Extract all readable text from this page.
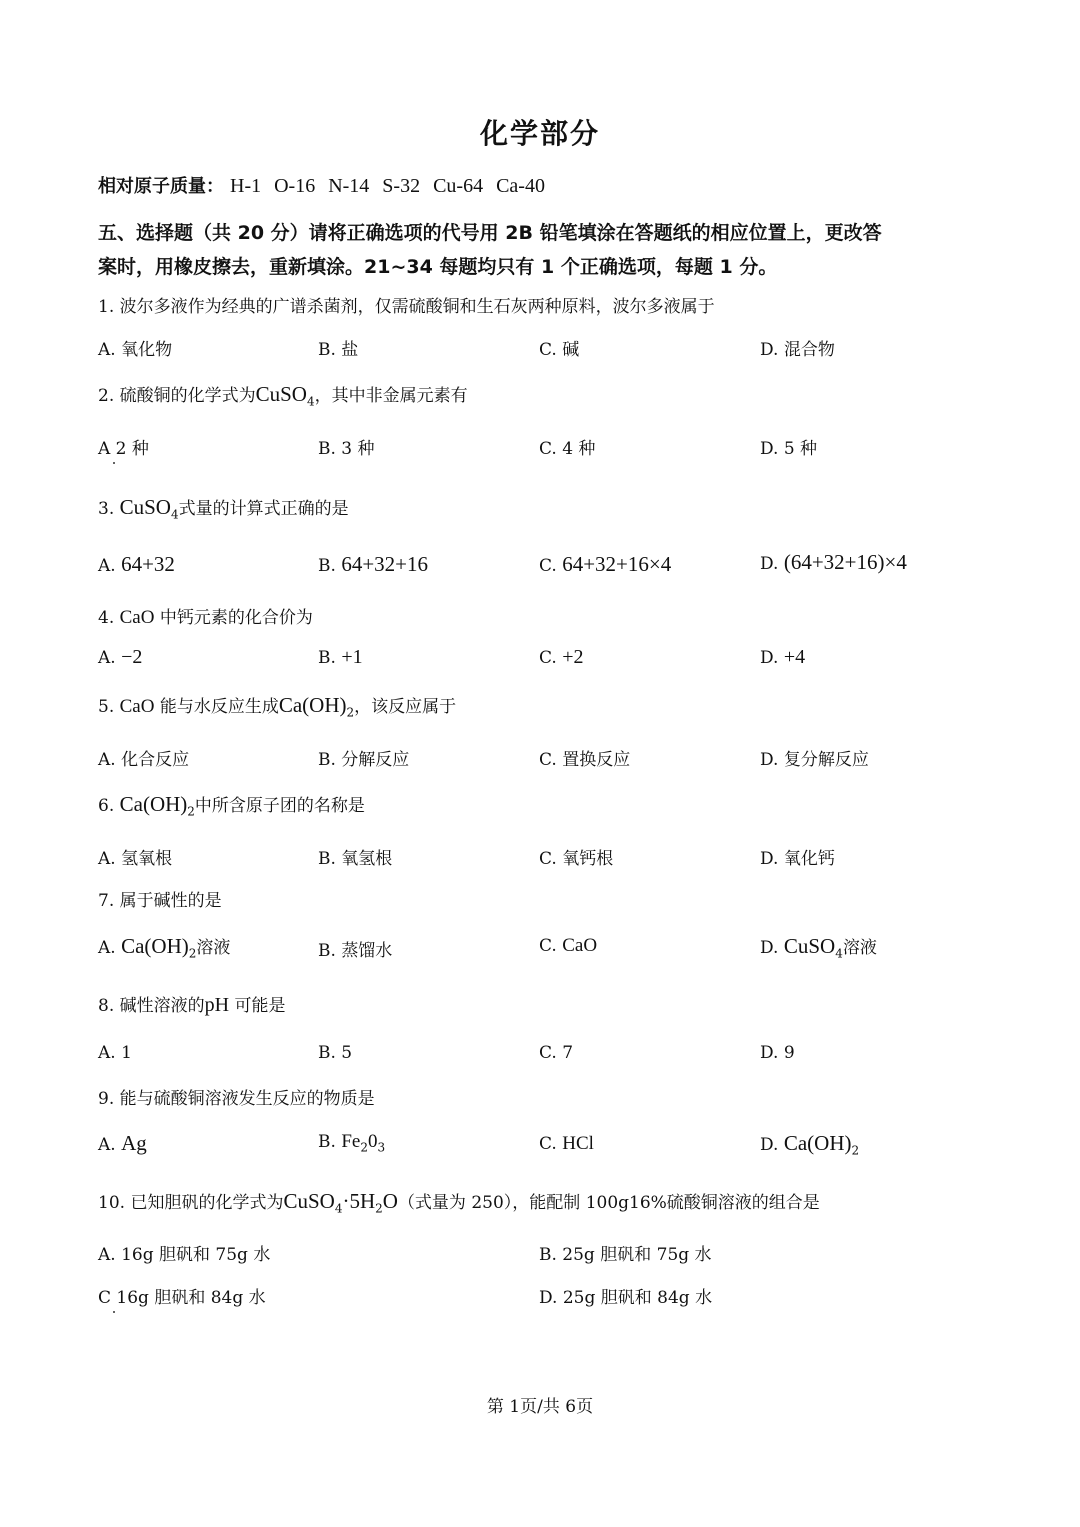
化学部分
相对原子质量： H-1 O-16 N-14 S-32 Cu-64 Ca-40
五、选择题（共 20 分）请将正确选项的代号用 2B 铅笔填涂在答题纸的相应位置上，更改答
案时，用橡皮擦去，重新填涂。21~34 每题均只有 1 个正确选项，每题 1 分。
1. 波尔多液作为经典的广谱杀菌剂，仅需硫酸铜和生石灰两种原料，波尔多液属于
A. 氧化物	B. 盐	C. 碱	D. 混合物
2. 硫酸铜的化学式为CuSO$_4$，其中非金属元素有
A 2 种	B. 3 种	C. 4 种	D. 5 种
3. CuSO$_4$式量的计算式正确的是
A. 64+32	B. 64+32+16	C. 64+32+16×4	D. (64+32+16)×4
4. CaO 中钙元素的化合价为
A. −2	B. +1	C. +2	D. +4
5. CaO 能与水反应生成$Ca(OH)_2$，该反应属于
A. 化合反应	B. 分解反应	C. 置换反应	D. 复分解反应
6. $Ca(OH)_2$中所含原子团的名称是
A. 氢氧根	B. 氧氢根	C. 氧钙根	D. 氧化钙
7. 属于碱性的是
A. $Ca(OH)_2$溶液	B. 蒸馏水	C. CaO	D. CuSO$_4$溶液
8. 碱性溶液的pH 可能是
A. 1	B. 5	C. 7	D. 9
9. 能与硫酸铜溶液发生反应的物质是
A. Ag	B. $Fe_20_3$	C. HCl	D. $Ca(OH)_2$
10. 已知胆矾的化学式为$CuSO_4\cdot 5H_2O$（式量为 250），能配制 100g16%硫酸铜溶液的组合是
A. 16g 胆矾和 75g 水	B. 25g 胆矾和 75g 水
C 16g 胆矾和 84g 水	D. 25g 胆矾和 84g 水
第 1页/共 6页
